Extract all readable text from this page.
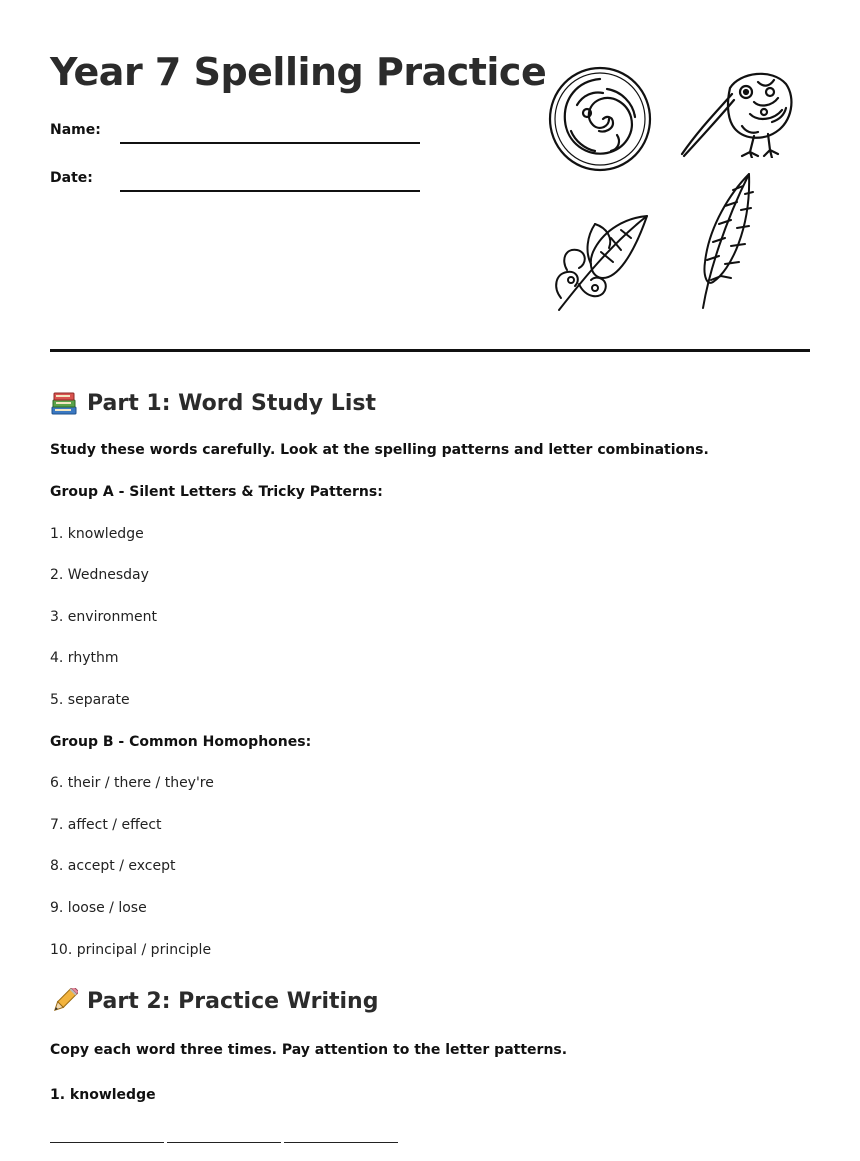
Year 7 Spelling Practice
Name:
Date:
Part 1: Word Study List
Study these words carefully. Look at the spelling patterns and letter combinations.
Group A - Silent Letters & Tricky Patterns:
1. knowledge
2. Wednesday
3. environment
4. rhythm
5. separate
Group B - Common Homophones:
6. their / there / they're
7. affect / effect
8. accept / except
9. loose / lose
10. principal / principle
Part 2: Practice Writing
Copy each word three times. Pay attention to the letter patterns.
1. knowledge
